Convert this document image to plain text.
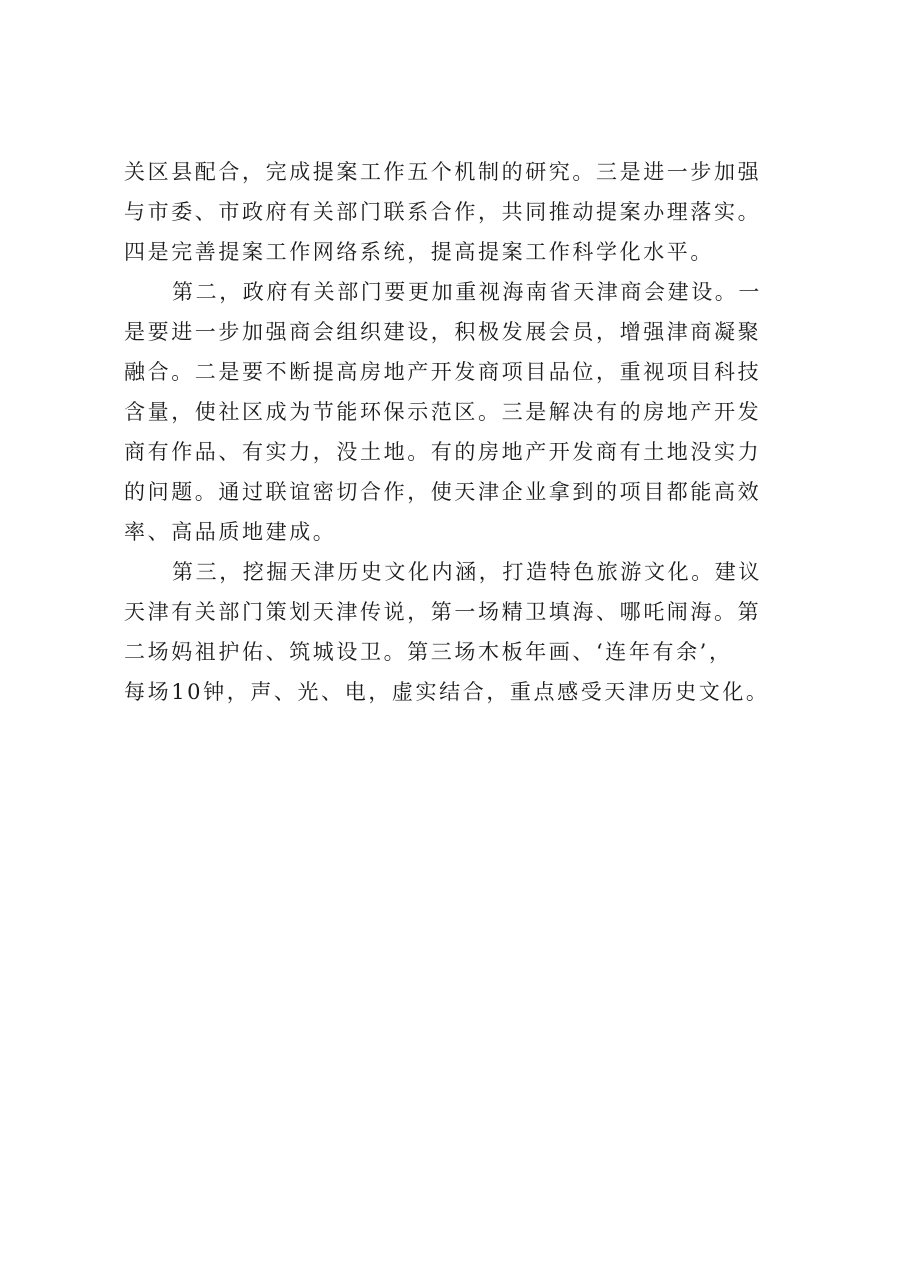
关区县配合，完成提案工作五个机制的研究。三是进一步加强
与市委、市政府有关部门联系合作，共同推动提案办理落实。
四是完善提案工作网络系统，提高提案工作科学化水平。
第二，政府有关部门要更加重视海南省天津商会建设。一
是要进一步加强商会组织建设，积极发展会员，增强津商凝聚
融合。二是要不断提高房地产开发商项目品位，重视项目科技
含量，使社区成为节能环保示范区。三是解决有的房地产开发
商有作品、有实力，没土地。有的房地产开发商有土地没实力
的问题。通过联谊密切合作，使天津企业拿到的项目都能高效
率、高品质地建成。
第三，挖掘天津历史文化内涵，打造特色旅游文化。建议
天津有关部门策划天津传说，第一场精卫填海、哪吒闹海。第
二场妈祖护佑、筑城设卫。第三场木板年画、‘连年有余’，
每场10钟，声、光、电，虚实结合，重点感受天津历史文化。
